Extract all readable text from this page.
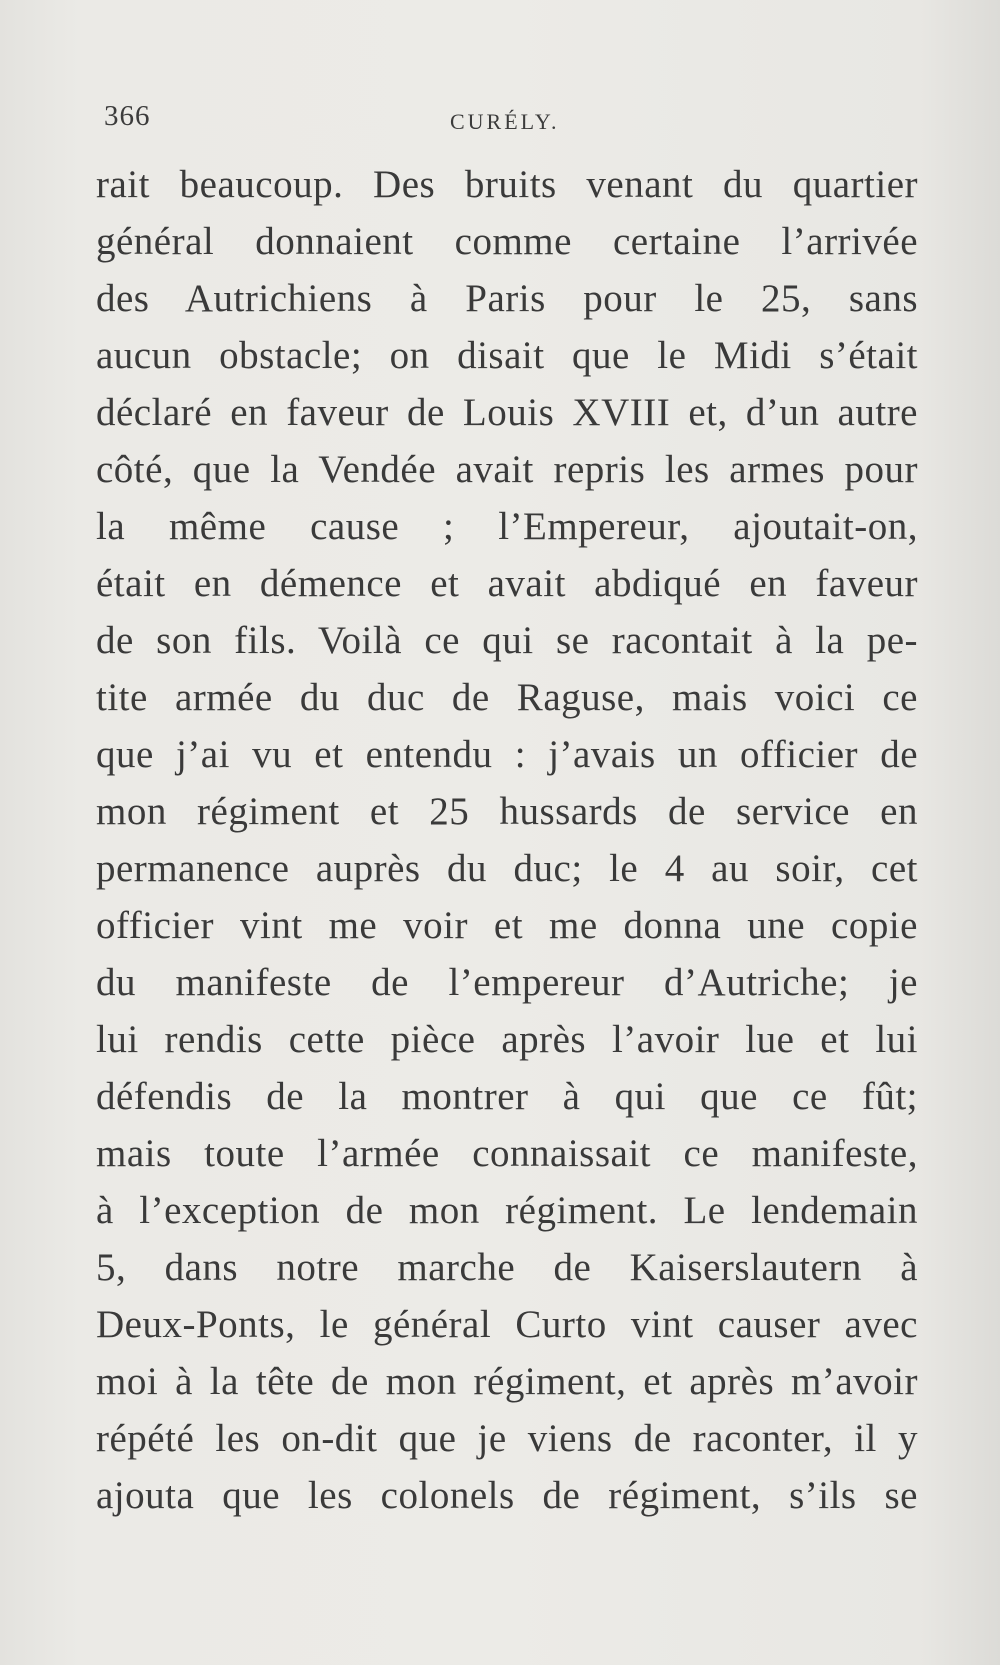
366	CURÉLY.
rait beaucoup. Des bruits venant du quartier
général donnaient comme certaine l’arrivée
des Autrichiens à Paris pour le 25, sans
aucun obstacle; on disait que le Midi s’était
déclaré en faveur de Louis XVIII et, d’un autre
côté, que la Vendée avait repris les armes pour
la même cause ; l’Empereur, ajoutait-on,
était en démence et avait abdiqué en faveur
de son fils. Voilà ce qui se racontait à la pe-
tite armée du duc de Raguse, mais voici ce
que j’ai vu et entendu : j’avais un officier de
mon régiment et 25 hussards de service en
permanence auprès du duc; le 4 au soir, cet
officier vint me voir et me donna une copie
du manifeste de l’empereur d’Autriche; je
lui rendis cette pièce après l’avoir lue et lui
défendis de la montrer à qui que ce fût;
mais toute l’armée connaissait ce manifeste,
à l’exception de mon régiment. Le lendemain
5, dans notre marche de Kaiserslautern à
Deux-Ponts, le général Curto vint causer avec
moi à la tête de mon régiment, et après m’avoir
répété les on-dit que je viens de raconter, il y
ajouta que les colonels de régiment, s’ils se
